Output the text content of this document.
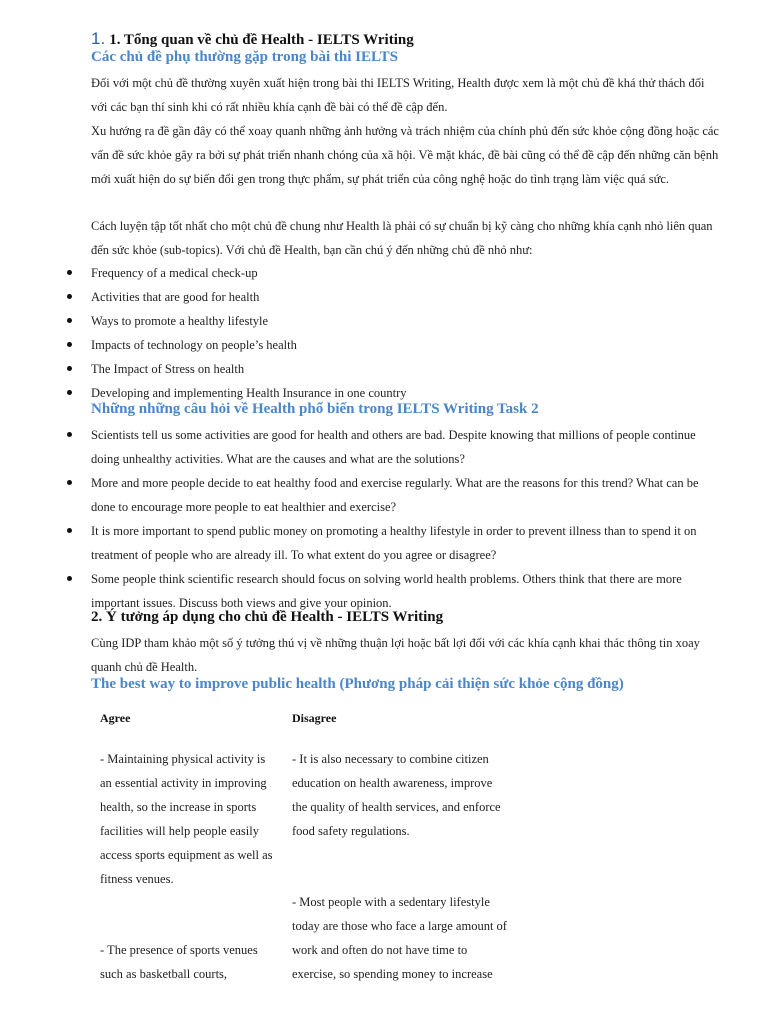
1. 1. Tổng quan về chủ đề Health - IELTS Writing
Các chủ đề phụ thường gặp trong bài thi IELTS
Đối với một chủ đề thường xuyên xuất hiện trong bài thi IELTS Writing, Health được xem là một chủ đề khá thử thách đối với các bạn thí sinh khi có rất nhiều khía cạnh đề bài có thể đề cập đến.
Xu hướng ra đề gần đây có thể xoay quanh những ảnh hưởng và trách nhiệm của chính phủ đến sức khỏe cộng đồng hoặc các vấn đề sức khỏe gây ra bởi sự phát triển nhanh chóng của xã hội. Về mặt khác, đề bài cũng có thể đề cập đến những căn bệnh mới xuất hiện do sự biến đổi gen trong thực phẩm, sự phát triển của công nghệ hoặc do tình trạng làm việc quá sức.
Cách luyện tập tốt nhất cho một chủ đề chung như Health là phải có sự chuẩn bị kỹ càng cho những khía cạnh nhỏ liên quan đến sức khỏe (sub-topics). Với chủ đề Health, bạn cần chú ý đến những chủ đề nhỏ như:
Frequency of a medical check-up
Activities that are good for health
Ways to promote a healthy lifestyle
Impacts of technology on people’s health
The Impact of Stress on health
Developing and implementing Health Insurance in one country
Những những câu hỏi về Health phổ biến trong IELTS Writing Task 2
Scientists tell us some activities are good for health and others are bad. Despite knowing that millions of people continue doing unhealthy activities. What are the causes and what are the solutions?
More and more people decide to eat healthy food and exercise regularly. What are the reasons for this trend? What can be done to encourage more people to eat healthier and exercise?
It is more important to spend public money on promoting a healthy lifestyle in order to prevent illness than to spend it on treatment of people who are already ill. To what extent do you agree or disagree?
Some people think scientific research should focus on solving world health problems. Others think that there are more important issues. Discuss both views and give your opinion.
2. Ý tưởng áp dụng cho chủ đề Health - IELTS Writing
Cùng IDP tham khảo một số ý tưởng thú vị về những thuận lợi hoặc bất lợi đối với các khía cạnh khai thác thông tin xoay quanh chủ đề Health.
The best way to improve public health (Phương pháp cải thiện sức khỏe cộng đồng)
Agree	Disagree
- Maintaining physical activity is an essential activity in improving health, so the increase in sports facilities will help people easily access sports equipment as well as fitness venues.
- The presence of sports venues such as basketball courts,
- It is also necessary to combine citizen education on health awareness, improve the quality of health services, and enforce food safety regulations.
- Most people with a sedentary lifestyle today are those who face a large amount of work and often do not have time to exercise, so spending money to increase
